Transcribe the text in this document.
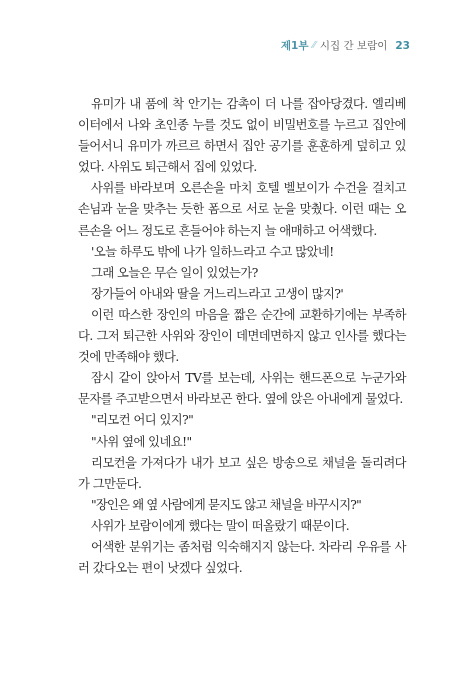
제1부 ⁄⁄ 시집 간 보람이 23

유미가 내 품에 착 안기는 감촉이 더 나를 잡아당겼다. 엘리베이터에서 나와 초인종 누를 것도 없이 비밀번호를 누르고 집안에 들어서니 유미가 까르르 하면서 집안 공기를 훈훈하게 덮히고 있었다. 사위도 퇴근해서 집에 있었다.

사위를 바라보며 오른손을 마치 호텔 벨보이가 수건을 걸치고 손님과 눈을 맞추는 듯한 폼으로 서로 눈을 맞췄다. 이런 때는 오른손을 어느 정도로 흔들어야 하는지 늘 애매하고 어색했다.

'오늘 하루도 밖에 나가 일하느라고 수고 많았네!

그래 오늘은 무슨 일이 있었는가?

장가들어 아내와 딸을 거느리느라고 고생이 많지?'

이런 따스한 장인의 마음을 짧은 순간에 교환하기에는 부족하다. 그저 퇴근한 사위와 장인이 데면데면하지 않고 인사를 했다는 것에 만족해야 했다.

잠시 같이 앉아서 TV를 보는데, 사위는 핸드폰으로 누군가와 문자를 주고받으면서 바라보곤 한다. 옆에 앉은 아내에게 물었다.

"리모컨 어디 있지?"

"사위 옆에 있네요!"

리모컨을 가져다가 내가 보고 싶은 방송으로 채널을 돌리려다가 그만둔다.

"장인은 왜 옆 사람에게 묻지도 않고 채널을 바꾸시지?"

사위가 보람이에게 했다는 말이 떠올랐기 때문이다.

어색한 분위기는 좀처럼 익숙해지지 않는다. 차라리 우유를 사러 갔다오는 편이 낫겠다 싶었다.
